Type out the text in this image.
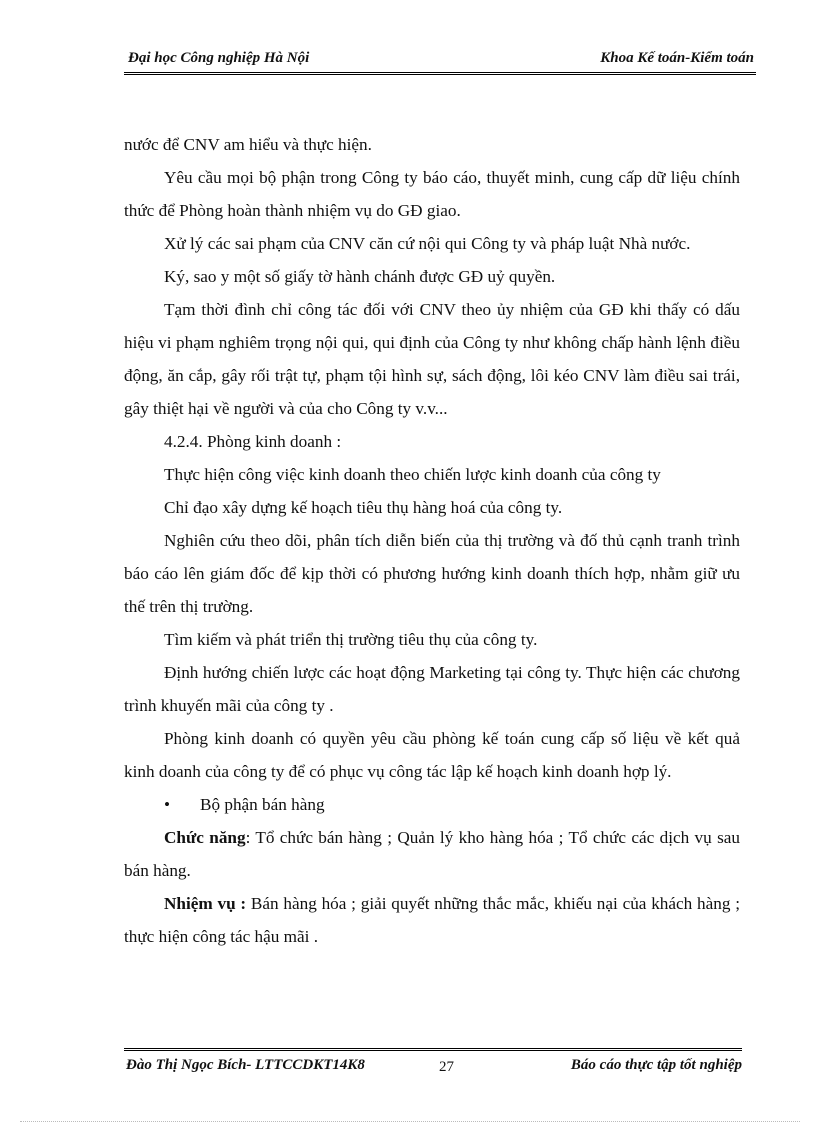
Đại học Công nghiệp Hà Nội	Khoa Kế toán-Kiểm toán

nước để CNV am hiểu và thực hiện.

Yêu cầu mọi bộ phận trong Công ty báo cáo, thuyết minh, cung cấp dữ liệu chính thức để Phòng hoàn thành nhiệm vụ do GĐ giao.

Xử lý các sai phạm của CNV căn cứ nội qui Công ty và pháp luật Nhà nước.

Ký, sao y một số giấy tờ hành chánh được GĐ uỷ quyền.

Tạm thời đình chỉ công tác đối với CNV theo ủy nhiệm của GĐ khi thấy có dấu hiệu vi phạm nghiêm trọng nội qui, qui định của Công ty như không chấp hành lệnh điều động, ăn cắp, gây rối trật tự, phạm tội hình sự, sách động, lôi kéo CNV làm điều sai trái, gây thiệt hại về người và của cho Công ty v.v...

4.2.4. Phòng kinh doanh :

Thực hiện công việc kinh doanh theo chiến lược kinh doanh của công ty

Chỉ đạo xây dựng kế hoạch tiêu thụ hàng hoá của công ty.

Nghiên cứu theo dõi, phân tích diễn biến của thị trường và đố thủ cạnh tranh trình báo cáo lên giám đốc để kịp thời có phương hướng kinh doanh thích hợp, nhằm giữ ưu thế trên thị trường.

Tìm kiếm và phát triển thị trường tiêu thụ của công ty.

Định hướng chiến lược các hoạt động Marketing tại công ty. Thực hiện các chương trình khuyến mãi của công ty .

Phòng kinh doanh có quyền yêu cầu phòng kế toán cung cấp số liệu về kết quả kinh doanh của công ty để có phục vụ công tác lập kế hoạch kinh doanh hợp lý.

• Bộ phận bán hàng

Chức năng: Tổ chức bán hàng ; Quản lý kho hàng hóa ; Tổ chức các dịch vụ sau bán hàng.

Nhiệm vụ : Bán hàng hóa ; giải quyết những thắc mắc, khiếu nại của khách hàng ; thực hiện công tác hậu mãi .

Đào Thị Ngọc Bích- LTTCCDKT14K8	27	Báo cáo thực tập tốt nghiệp
